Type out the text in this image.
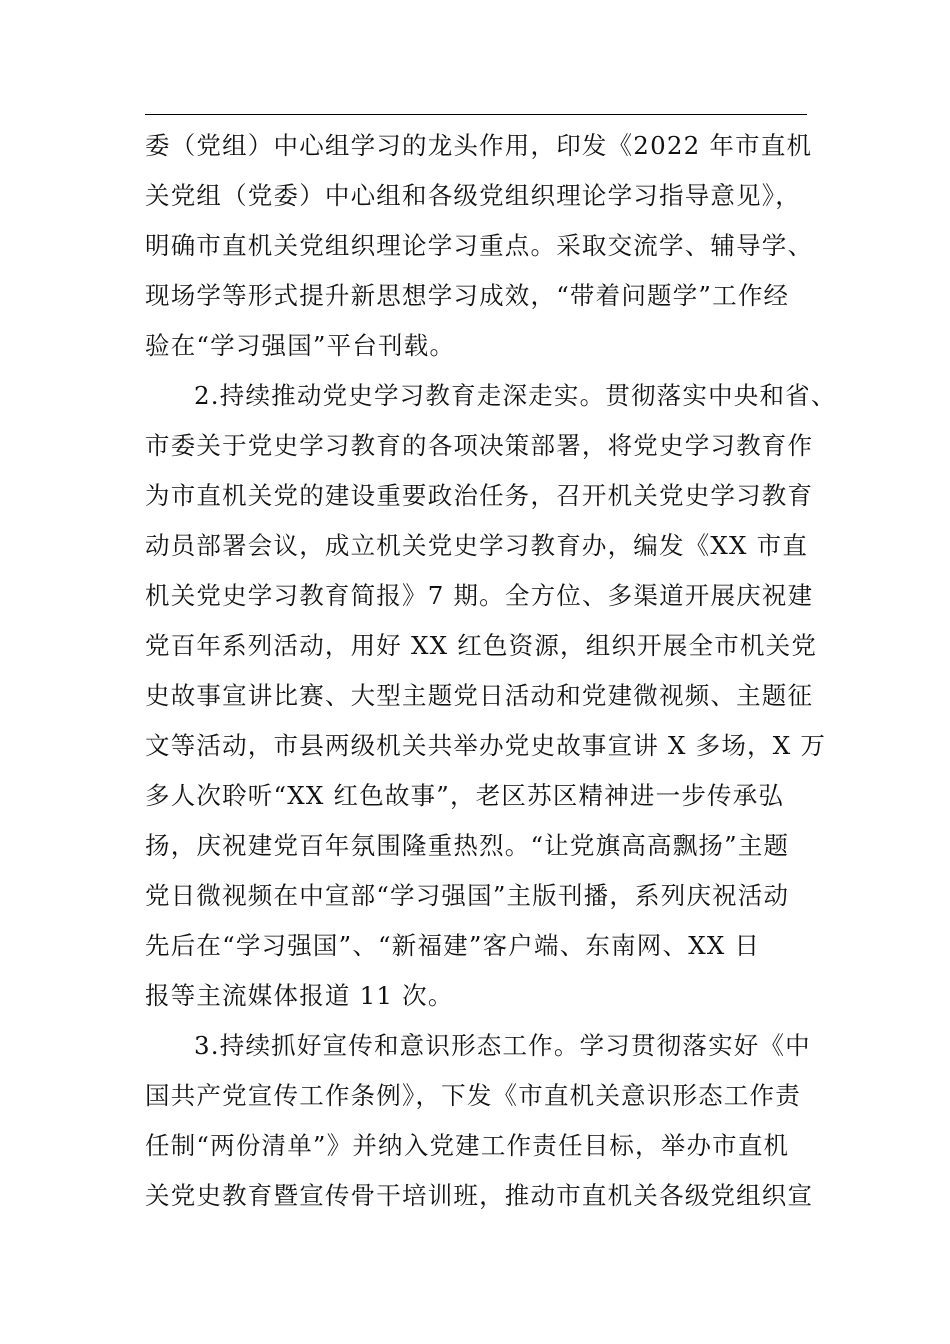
委（党组）中心组学习的龙头作用，印发《2022 年市直机
关党组（党委）中心组和各级党组织理论学习指导意见》，
明确市直机关党组织理论学习重点。采取交流学、辅导学、
现场学等形式提升新思想学习成效，“带着问题学”工作经
验在“学习强国”平台刊载。
2.持续推动党史学习教育走深走实。贯彻落实中央和省、
市委关于党史学习教育的各项决策部署，将党史学习教育作
为市直机关党的建设重要政治任务，召开机关党史学习教育
动员部署会议，成立机关党史学习教育办，编发《XX 市直
机关党史学习教育简报》7 期。全方位、多渠道开展庆祝建
党百年系列活动，用好 XX 红色资源，组织开展全市机关党
史故事宣讲比赛、大型主题党日活动和党建微视频、主题征
文等活动，市县两级机关共举办党史故事宣讲 X 多场，X 万
多人次聆听“XX 红色故事”，老区苏区精神进一步传承弘
扬，庆祝建党百年氛围隆重热烈。“让党旗高高飘扬”主题
党日微视频在中宣部“学习强国”主版刊播，系列庆祝活动
先后在“学习强国”、“新福建”客户端、东南网、XX 日
报等主流媒体报道 11 次。
3.持续抓好宣传和意识形态工作。学习贯彻落实好《中
国共产党宣传工作条例》，下发《市直机关意识形态工作责
任制“两份清单”》并纳入党建工作责任目标，举办市直机
关党史教育暨宣传骨干培训班，推动市直机关各级党组织宣
